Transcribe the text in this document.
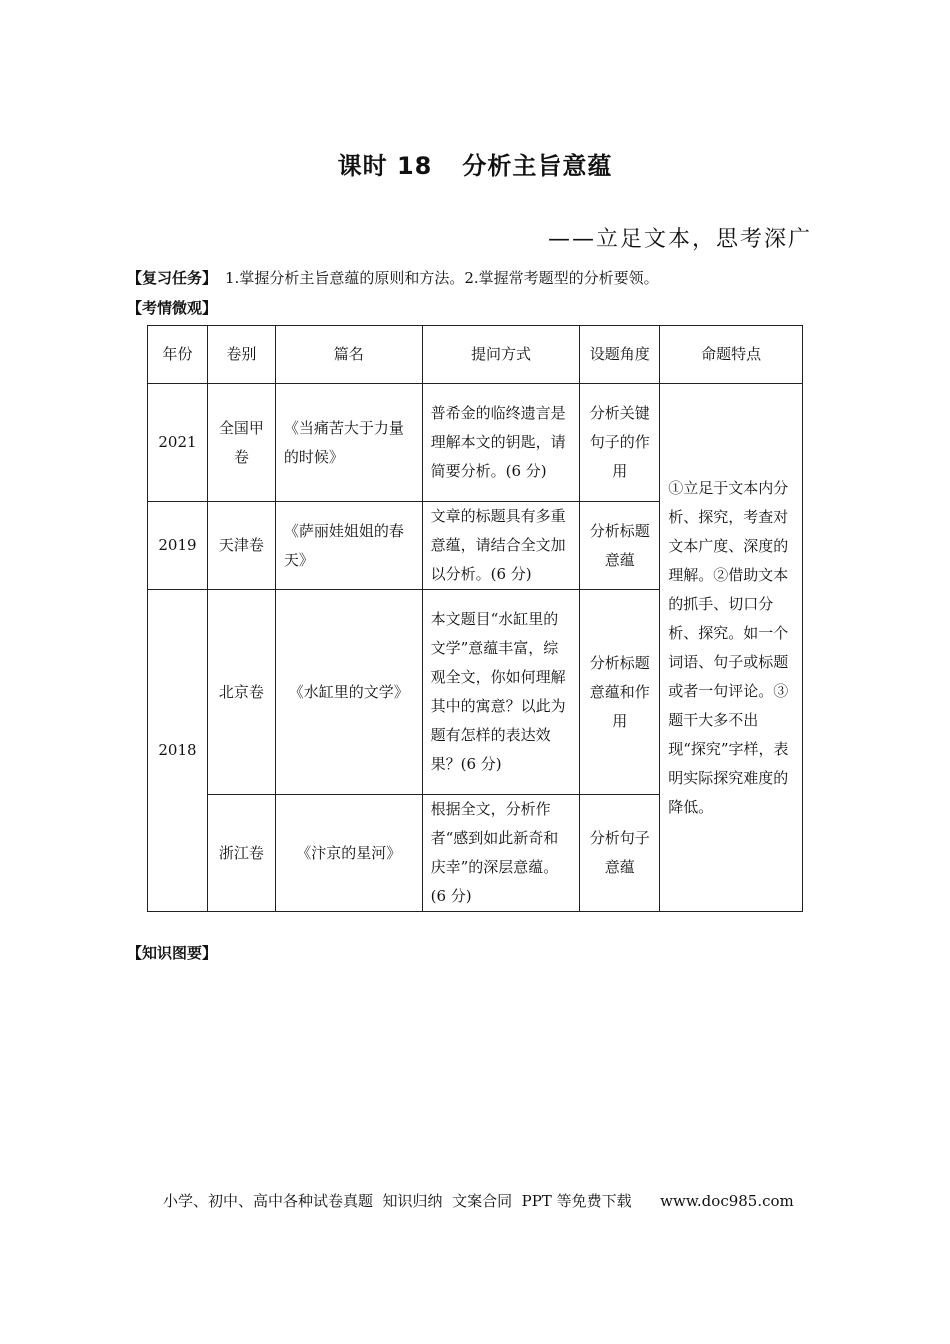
课时 18 分析主旨意蕴
——立足文本，思考深广
【复习任务】 1.掌握分析主旨意蕴的原则和方法。2.掌握常考题型的分析要领。
【考情微观】
年份	卷别	篇名	提问方式	设题角度	命题特点
2021	全国甲卷	《当痛苦大于力量的时候》	普希金的临终遗言是理解本文的钥匙，请简要分析。(6 分)	分析关键句子的作用	①立足于文本内分析、探究，考查对文本广度、深度的理解。②借助文本的抓手、切口分析、探究。如一个词语、句子或标题或者一句评论。③题干大多不出现“探究”字样，表明实际探究难度的降低。
2019	天津卷	《萨丽娃姐姐的春天》	文章的标题具有多重意蕴，请结合全文加以分析。(6 分)	分析标题意蕴	
2018	北京卷	《水缸里的文学》	本文题目“水缸里的文学”意蕴丰富，综观全文，你如何理解其中的寓意？以此为题有怎样的表达效果？(6 分)	分析标题意蕴和作用	
	浙江卷	《汴京的星河》	根据全文，分析作者“感到如此新奇和庆幸”的深层意蕴。(6 分)	分析句子意蕴	
【知识图要】
小学、初中、高中各种试卷真题  知识归纳  文案合同  PPT 等免费下载      www.doc985.com
